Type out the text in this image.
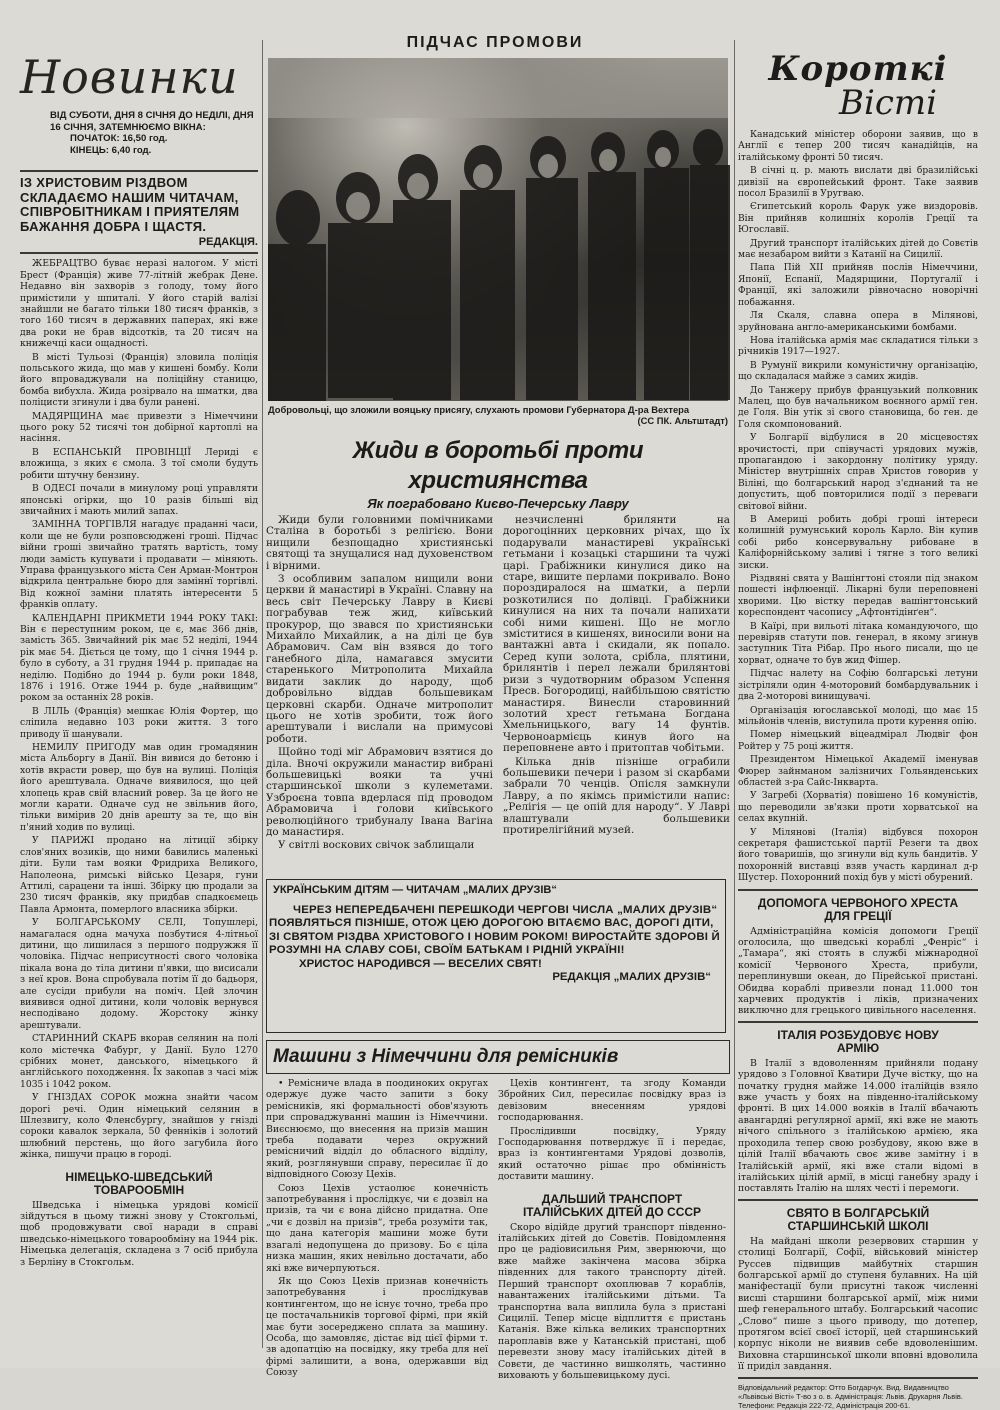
ПІДЧАС ПРОМОВИ
Новинки
ВІД СУБОТИ, ДНЯ 8 СІЧНЯ ДО НЕДІЛІ, ДНЯ 16 СІЧНЯ, ЗАТЕМНЮЄМО ВІКНА:
ПОЧАТОК: 16,50 год.
КІНЕЦЬ: 6,40 год.
ІЗ ХРИСТОВИМ РІЗДВОМ СКЛАДАЄМО НАШИМ ЧИТАЧАМ, СПІВРОБІТНИКАМ І ПРИЯТЕЛЯМ БАЖАННЯ ДОБРА І ЩАСТЯ.
РЕДАКЦІЯ.

ЖЕБРАЦТВО буває неразі налогом. У місті Брест (Франція) живе 77-літній жебрак Дене. Недавно він захворів з голоду, тому його примістили у шпиталі. У його старій валізі знайшли не багато тільки 180 тисяч франків, з того 160 тисяч в державних паперах, які вже два роки не брав відсотків, та 20 тисяч на книжечці каси ощадності.

В місті Тульозі (Франція) зловила поліція польського жида, що мав у кишені бомбу. Коли його впроваджували на поліційну станицю, бомба вибухла. Жида розірвало на шматки, два поліцисти згинули і два були ранені.

МАДЯРЩИНА має привезти з Німеччини цього року 52 тисячі тон добірної картоплі на насіння.

В ЕСПАНСЬКІЙ ПРОВІНЦІЇ Лериді є вложища, з яких є смола. З тої смоли будуть робити штучну бензину.

В ОДЕСІ почали в минулому році управляти японські огірки, що 10 разів більші від звичайних і мають милий запах.

ЗАМІННА ТОРГІВЛЯ нагадує праданні часи, коли ще не були розповсюджені гроші. Підчас війни гроші звичайно тратять вартість, тому люди замість купувати і продавати — міняють. Управа французького міста Сен Арман-Монтрон відкрила центральне бюро для заміннї торгівлі. Від кожної заміни платять інтересенти 5 франків оплату.

КАЛЕНДАРНІ ПРИКМЕТИ 1944 РОКУ ТАКІ: Він є переступним роком, це є, має 366 днів, замість 365. Звичайний рік має 52 неділі, 1944 рік має 54. Діється це тому, що 1 січня 1944 р. було в суботу, а 31 грудня 1944 р. припадає на неділю. Подібно до 1944 р. були роки 1848, 1876 і 1916. Отже 1944 р. буде „найвищим“ роком за останніх 28 років.

В ЛІЛЬ (Франція) мешкає Юлія Фортер, що сліпила недавно 103 роки життя. З того приводу її шанували.

НЕМИЛУ ПРИГОДУ мав один громадянин міста Альборгу в Данії. Він вивися до бетоню і хотів вкрасти ровер, що був на вулиці. Поліція його арештувала. Одначе виявилося, що цей хлопець крав свій власний ровер. За це його не могли карати. Одначе суд не звільнив його, тільки вимірив 20 днів арешту за те, що він п'яний ходив по вулиці.

У ПАРИЖІ продано на літиції збірку слов'яних возиків, що ними бавились маленькі діти. Були там вояки Фридриха Великого, Наполеона, римські військо Цезаря, гуни Аттилі, сарацени та інші. Збірку цю продали за 230 тисяч франків, яку придбав спадкоємець Павла Армонта, померлого власника збірки.

У БОЛГАРСЬКОМУ СЕЛІ, Топушлері, намагалася одна мачуха позбутися 4-літньої дитини, що лишилася з першого подружжя її чоловіка. Підчас неприсутності свого чоловіка пікала вона до тіла дитини п'явки, що висисали з неї кров. Вона спробувала потім її до бадьоря, але сусіди прибули на поміч. Цей злочин виявився одної дитини, коли чоловік вернувся несподівано додому. Жорстоку жінку арештували.

СТАРИННИЙ СКАРБ вкорав селянин на полі коло містечка Фабург, у Данії. Було 1270 срібних монет, данського, німецького й англійського походження. Їх закопав з часі між 1035 і 1042 роком.

У ГНІЗДАХ СОРОК можна знайти часом дорогі речі. Один німецький селянин в Шлезвигу, коло Фленсбургу, знайшов у гнізді сороки кавалок зеркала, 50 фенніків і золотий шлюбний перстень, що його загубила його жінка, пишучи працю в городі.

НІМЕЦЬКО-ШВЕДСЬКИЙ
ТОВАРООБМІН

Шведська і німецька урядові комісії зійдуться в цьому тижні знову у Стокгольмі, щоб продовжувати свої наради в справі шведсько-німецького товарообміну на 1944 рік. Німецька делегація, складена з 7 осіб прибула з Берліну в Стокгольм.

Добровольці, що зложили вояцьку присягу, слухають промови Губернатора Д-ра Вехтера
(СС ПК. Альтштадт)
Жиди в боротьбі проти християнства
Як пограбовано Києво-Печерську Лавру

Жиди були головними помічниками Сталіна в боротьбі з релігією. Вони нищили безпощадно християнські святощі та знущалися над духовенством і вірними.

З особливим запалом нищили вони церкви й манастирі в Україні. Славну на весь світ Печерську Лавру в Києві пограбував теж жид, київський прокурор, що звався по християнськи Михайло Михайлик, а на ділі це був Абрамович. Сам він взявся до того ганебного діла, намагався змусити старенького Митрополита Михайла видати заклик до народу, щоб добровільно віддав большевикам церковні скарби. Одначе митрополит цього не хотів зробити, тож його арештували і вислали на примусові роботи.

Щойно тоді міг Абрамович взятися до діла. Вночі окружили манастир вибрані большевицькі вояки та учні старшинської школи з кулеметами. Узброєна товпа вдерлася під проводом Абрамовича і голови київського революційного трибуналу Івана Вагіна до манастиря.

У світлі воскових свічок заблищали

незчисленні брилянти на дорогоцінних церковних річах, що їх подарували манастиреві українські гетьмани і козацькі старшини та чужі царі. Грабіжники кинулися дико на старе, вишите перлами покривало. Воно пороздиралося на шматки, а перли розкотилися по долівці. Грабіжники кинулися на них та почали напихати собі ними кишені. Що не могло зміститися в кишенях, виносили вони на вантажні авта і скидали, як попало. Серед купи золота, срібла, плятини, брилянтів і перел лежали брилянтові ризи з чудотворним образом Успення Пресв. Богородиці, найбільшою святістю манастиря. Винесли старовинний золотий хрест гетьмана Богдана Хмельницького, вагу 14 фунтів. Червоноармієць кинув його на переповнене авто і притоптав чобітьми.

Кілька днів пізніше ограбили большевики печери і разом зі скарбами забрали 70 ченців. Опісля замкнули Лавру, а по якімсь примістили напис: „Релігія — це опій для народу“. У Лаврі влаштували большевики протирелігійний музей.

УКРАЇНСЬКИМ ДІТЯМ — ЧИТАЧАМ „МАЛИХ ДРУЗІВ“
ЧЕРЕЗ НЕПЕРЕДБАЧЕНІ ПЕРЕШКОДИ ЧЕРГОВІ ЧИСЛА „МАЛИХ ДРУЗІВ“ ПОЯВЛЯТЬСЯ ПІЗНІШЕ, ОТОЖ ЦЕЮ ДОРОГОЮ ВІТАЄМО ВАС, ДОРОГІ ДІТИ, ЗІ СВЯТОМ РІЗДВА ХРИСТОВОГО І НОВИМ РОКОМ! ВИРОСТАЙТЕ ЗДОРОВІ Й РОЗУМНІ НА СЛАВУ СОБІ, СВОЇМ БАТЬКАМ І РІДНІЙ УКРАЇНІ!
ХРИСТОС НАРОДИВСЯ — ВЕСЕЛИХ СВЯТ!
РЕДАКЦІЯ „МАЛИХ ДРУЗІВ“
Машини з Німеччини для ремісників

• Ремісниче влада в поодиноких округах одержує дуже часто запити з боку ремісників, які формальності обов'язують при спроваджуванні машин із Німеччини. Виєснюємо, що внесення на призів машин треба подавати через окружний ремісничий відділ до обласного відділу, який, розглянувши справу, пересилає її до відповідного Союзу Цехів.

Союз Цехів устаолює конечність запотребування і прослідкує, чи є дозвіл на призів, та чи є вона дійсно придатна. Опе „чи є дозвіл на призів“, треба розуміти так, що дана категорія машини може бути взагалі недопущена до призову. Бо є ціла низка машин, яких невільно достачати, або які вже вичерпуються.

Як що Союз Цехів признав конечність запотребування і прослідкував контингентом, що не існує точно, треба про це постачальників торгової фірмі, при якій має бути зосереджено сплата за машину. Особа, що замовляє, дістає від цієї фірми т. зв адопатцію на посвідку, яку треба для неї фірмі залишити, а вона, одержавши від Союзу

Цехів контингент, та згоду Команди Збройних Сил, пересилає посвідку враз із девізовим внесенням урядові господарювання.

Прослідивши посвідку, Уряду Господарювання потверджує її і передає, враз із контингентами Урядові дозволів, який остаточно рішає про обмінність доставити машину.

ДАЛЬШИЙ ТРАНСПОРТ
ІТАЛІЙСЬКИХ ДІТЕЙ ДО СССР

Скоро відійде другий транспорт південно-італійських дітей до Совєтів. Повідомлення про це радіовисильня Рим, звернюючи, що вже майже закінчена масова збірка південних для такого транспорту дітей. Перший транспорт охоплював 7 кораблів, навантажених італійськими дітьми. Та транспортна вала виплила була з пристані Сицилії. Тепер місце відплиття є пристань Катанія. Вже кілька великих транспортних пароплавів вже у Катанській пристані, щоб перевезти знову масу італійських дітей в Совєти, де частинно вишколять, частинно виховають у большевицькому дусі.

Короткі
Вісті

Канадський міністер оборони заявив, що в Англії є тепер 200 тисяч канадійців, на італійському фронті 50 тисяч.

В січні ц. р. мають вислати дві бразилійські дивізії на європейський фронт. Таке заявив посол Бразилії в Уругваю.

Єгипетський король Фарук уже виздоровів. Він прийняв колишніх королів Греції та Югославії.

Другий транспорт італійських дітей до Совєтів має незабаром вийти з Катанії на Сицилії.

Папа Пій XII прийняв послів Німеччини, Японії, Еспанії, Мадярщини, Португалії і Франції, які заложили рівночасно новорічні побажання.

Ля Скаля, славна опера в Мілянові, зруйнована англо-американськими бомбами.

Нова італійська армія має складатися тільки з річників 1917—1927.

В Румунії викрили комуністичну організацію, що складалася майже з самих жидів.

До Танжеру прибув французький полковник Малец, що був начальником воєнного армії ген. де Голя. Він утік зі свого становища, бо ген. де Голя скомпонований.

У Болгарії відбулися в 20 місцевостях врочистості, при співучасті урядових мужів, пропагандою і закордонну політику уряду. Міністер внутрішніх справ Христов говорив у Віліні, що болгарський народ з'єднаний та не допустить, щоб повторилися події з переваги світової війни.

В Америці робить добрі гроші інтереси колишній румунський король Карло. Він купив собі рибо консервувальну рибоване в Каліфорнійському заливі і тягне з того великі зиски.

Різдвяні свята у Вашінгтоні стояли під знаком пошесті інфлюенції. Лікарні були переповнені хворими. Цю вістку передав вашінгтонський кореспондент часопису „Афтонтідінґен“.

В Каїрі, при вильоті літака командуючого, що перевіряв статути пов. генерал, в якому згинув заступник Тіта Рібар. Про нього писали, що це хорват, одначе то був жид Фішер.

Підчас налету на Софію болгарські летуни зістріляли один 4-моторовий бомбардувальник і два 2-моторові винищувачі.

Організація югославської молоді, що має 15 мільйонів членів, виступила проти курення опію.

Помер німецький віцеадмірал Людвіг фон Ройтер у 75 році життя.

Президентом Німецької Академії іменував Фюрер зайнманом залізничих Гольянденських областей з-ра Сайс-Інкварта.

У Загребі (Хорватія) повішено 16 комуністів, що переводили зв'язки проти хорватської на селах вкупній.

У Мілянові (Італія) відбувся похорон секретаря фашистської партії Резеги та двох його товаришів, що згинули від куль бандитів. У похоронній виставці взяв участь кардинал д-р Шустер. Похоронний похід був у місті обурений.

ДОПОМОГА ЧЕРВОНОГО ХРЕСТА
ДЛЯ ГРЕЦІЇ

Адміністраційна комісія допомоги Греції оголосила, що шведські кораблі „Фенріс“ і „Тамара“, які стоять в службі міжнародної комісії Червоного Хреста, прибули, переплинувши океан, до Пірейської пристані. Обидва кораблі привезли понад 11.000 тон харчевих продуктів і ліків, призначених виключно для грецького цивільного населення.

ІТАЛІЯ РОЗБУДОВУЄ НОВУ
АРМІЮ

В Італії з вдоволенням прийняли подану урядово з Головної Кватири Дуче вістку, що на початку грудня майже 14.000 італійців взяло вже участь у боях на південно-італійському фронті. В цих 14.000 вояків в Італії вбачають авангардні регулярної армії, які вже не мають нічого спільного з італійською армією, яка проходила тепер свою розбудову, якою вже в цілій Італії вбачають своє живе замітну і в Італійській армії, які вже стали відомі в італійських цілій армії, в місці ганебну зраду і поставлять Італію на шлях честі і перемоги.

СВЯТО В БОЛГАРСЬКІЙ
СТАРШИНСЬКІЙ ШКОЛІ

На майдані школи резервових старшин у столиці Болгарії, Софії, військовий міністер Руссев підвищив майбутніх старшин болгарської армії до ступеня булавних. На цій маніфестації були присутні також численні висші старшини болгарської армії, між ними шеф генерального штабу. Болгарський часопис „Слово“ пише з цього приводу, що дотепер, протягом всієї своєї історії, цей старшинський корпус ніколи не виявив себе вдоволенішим. Виховна старшинської школи вповні вдоволила її приділ завдання.

Відповідальний редактор: Отто Богдарчук. Вид. Видавництво «Львівські Вісті» Т-во з о. в. Адміністрація: Львів. Друкарня Львів. Телефони: Редакція 222-72, Адміністрація 200-61.
